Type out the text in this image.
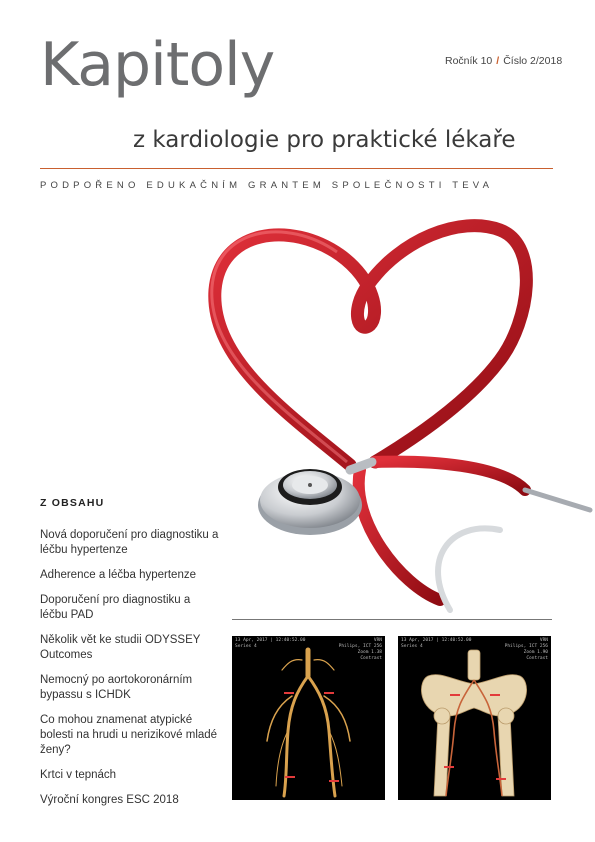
Kapitoly
z kardiologie pro praktické lékaře
Ročník 10 / Číslo 2/2018
PODPOŘENO EDUKAČNÍM GRANTEM SPOLEČNOSTI TEVA
Z OBSAHU
Nová doporučení pro diagnostiku a léčbu hypertenze
Adherence a léčba hypertenze
Doporučení pro diagnostiku a léčbu PAD
Několik vět ke studii ODYSSEY Outcomes
Nemocný po aortokoronárním bypassu s ICHDK
Co mohou znamenat atypické bolesti na hrudi u nerizikové mladé ženy?
Krtci v tepnách
Výroční kongres ESC 2018
13 Apr, 2017 | 12:40:52.00
Series 4
VRN
Philips, ICT 256
Zoom 1.38
Contrast
13 Apr, 2017 | 12:40:52.00
Series 4
VRN
Philips, ICT 256
Zoom 1.90
Contrast
